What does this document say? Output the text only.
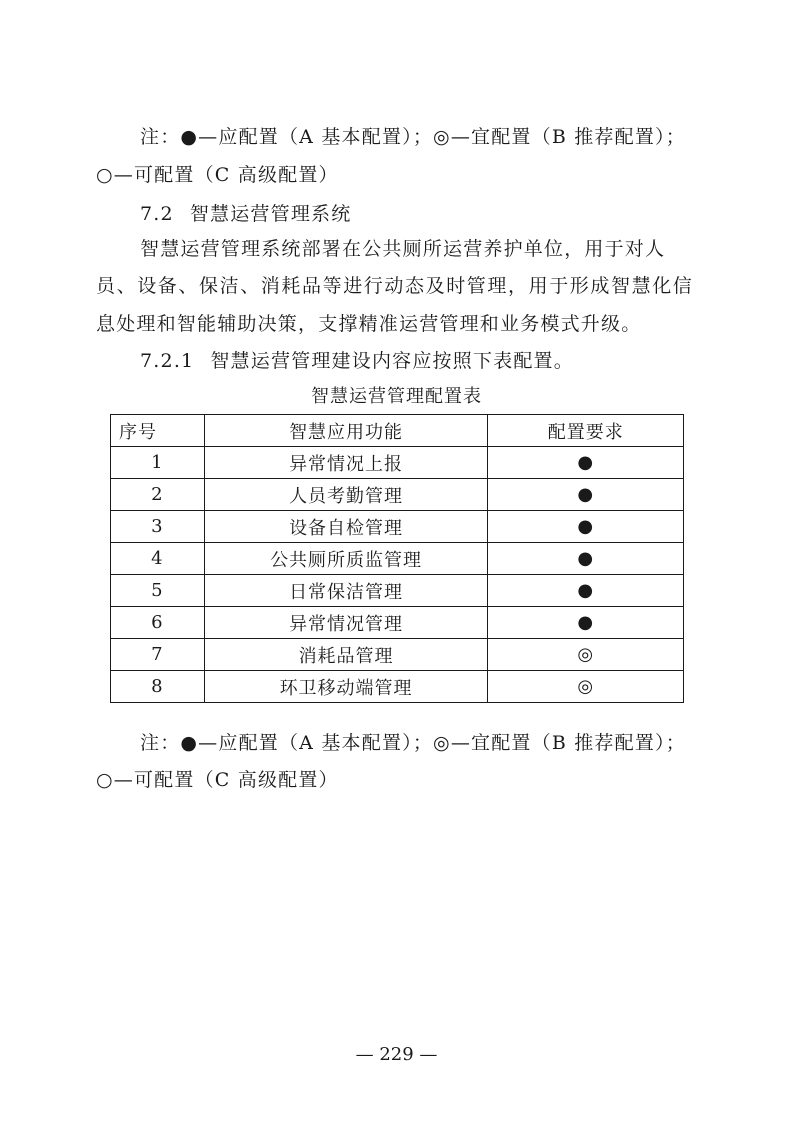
注：●—应配置（A 基本配置）；◎—宜配置（B 推荐配置）；
○—可配置（C 高级配置）
7.2 智慧运营管理系统
智慧运营管理系统部署在公共厕所运营养护单位，用于对人
员、设备、保洁、消耗品等进行动态及时管理，用于形成智慧化信
息处理和智能辅助决策，支撑精准运营管理和业务模式升级。
7.2.1 智慧运营管理建设内容应按照下表配置。
智慧运营管理配置表
序号	智慧应用功能	配置要求
1	异常情况上报	●
2	人员考勤管理	●
3	设备自检管理	●
4	公共厕所质监管理	●
5	日常保洁管理	●
6	异常情况管理	●
7	消耗品管理	◎
8	环卫移动端管理	◎
注：●—应配置（A 基本配置）；◎—宜配置（B 推荐配置）；
○—可配置（C 高级配置）
— 229 —
